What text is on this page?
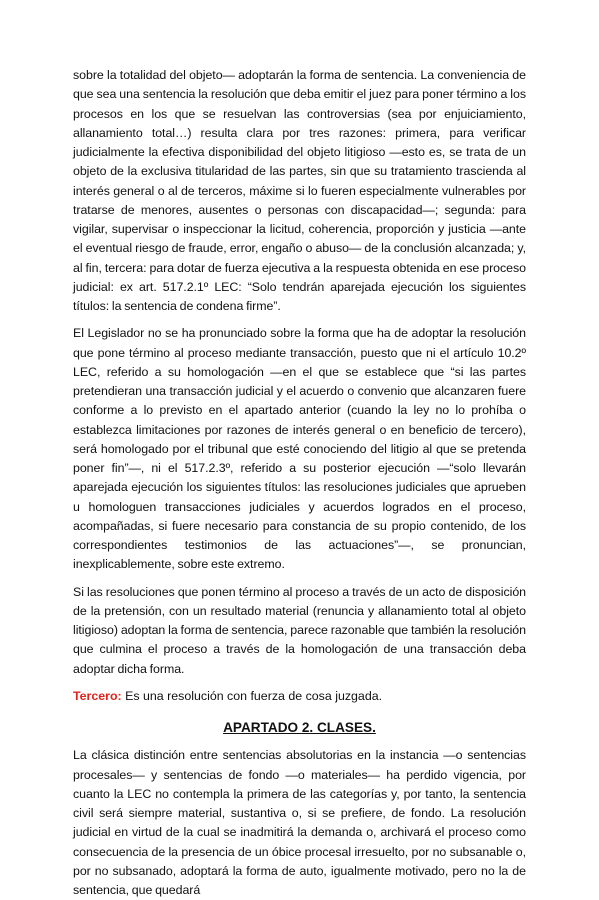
sobre la totalidad del objeto— adoptarán la forma de sentencia. La conveniencia de que sea una sentencia la resolución que deba emitir el juez para poner término a los procesos en los que se resuelvan las controversias (sea por enjuiciamiento, allanamiento total…) resulta clara por tres razones: primera, para verificar judicialmente la efectiva disponibilidad del objeto litigioso —esto es, se trata de un objeto de la exclusiva titularidad de las partes, sin que su tratamiento trascienda al interés general o al de terceros, máxime si lo fueren especialmente vulnerables por tratarse de menores, ausentes o personas con discapacidad—; segunda: para vigilar, supervisar o inspeccionar la licitud, coherencia, proporción y justicia —ante el eventual riesgo de fraude, error, engaño o abuso— de la conclusión alcanzada; y, al fin, tercera: para dotar de fuerza ejecutiva a la respuesta obtenida en ese proceso judicial: ex art. 517.2.1º LEC: “Solo tendrán aparejada ejecución los siguientes títulos: la sentencia de condena firme”.

El Legislador no se ha pronunciado sobre la forma que ha de adoptar la resolución que pone término al proceso mediante transacción, puesto que ni el artículo 10.2º LEC, referido a su homologación —en el que se establece que “si las partes pretendieran una transacción judicial y el acuerdo o convenio que alcanzaren fuere conforme a lo previsto en el apartado anterior (cuando la ley no lo prohíba o establezca limitaciones por razones de interés general o en beneficio de tercero), será homologado por el tribunal que esté conociendo del litigio al que se pretenda poner fin”—, ni el 517.2.3º, referido a su posterior ejecución —“solo llevarán aparejada ejecución los siguientes títulos: las resoluciones judiciales que aprueben u homologuen transacciones judiciales y acuerdos logrados en el proceso, acompañadas, si fuere necesario para constancia de su propio contenido, de los correspondientes testimonios de las actuaciones”—, se pronuncian, inexplicablemente, sobre este extremo.

Si las resoluciones que ponen término al proceso a través de un acto de disposición de la pretensión, con un resultado material (renuncia y allanamiento total al objeto litigioso) adoptan la forma de sentencia, parece razonable que también la resolución que culmina el proceso a través de la homologación de una transacción deba adoptar dicha forma.

Tercero: Es una resolución con fuerza de cosa juzgada.

APARTADO 2. CLASES.

La clásica distinción entre sentencias absolutorias en la instancia —o sentencias procesales— y sentencias de fondo —o materiales— ha perdido vigencia, por cuanto la LEC no contempla la primera de las categorías y, por tanto, la sentencia civil será siempre material, sustantiva o, si se prefiere, de fondo. La resolución judicial en virtud de la cual se inadmitirá la demanda o, archivará el proceso como consecuencia de la presencia de un óbice procesal irresuelto, por no subsanable o, por no subsanado, adoptará la forma de auto, igualmente motivado, pero no la de sentencia, que quedará
